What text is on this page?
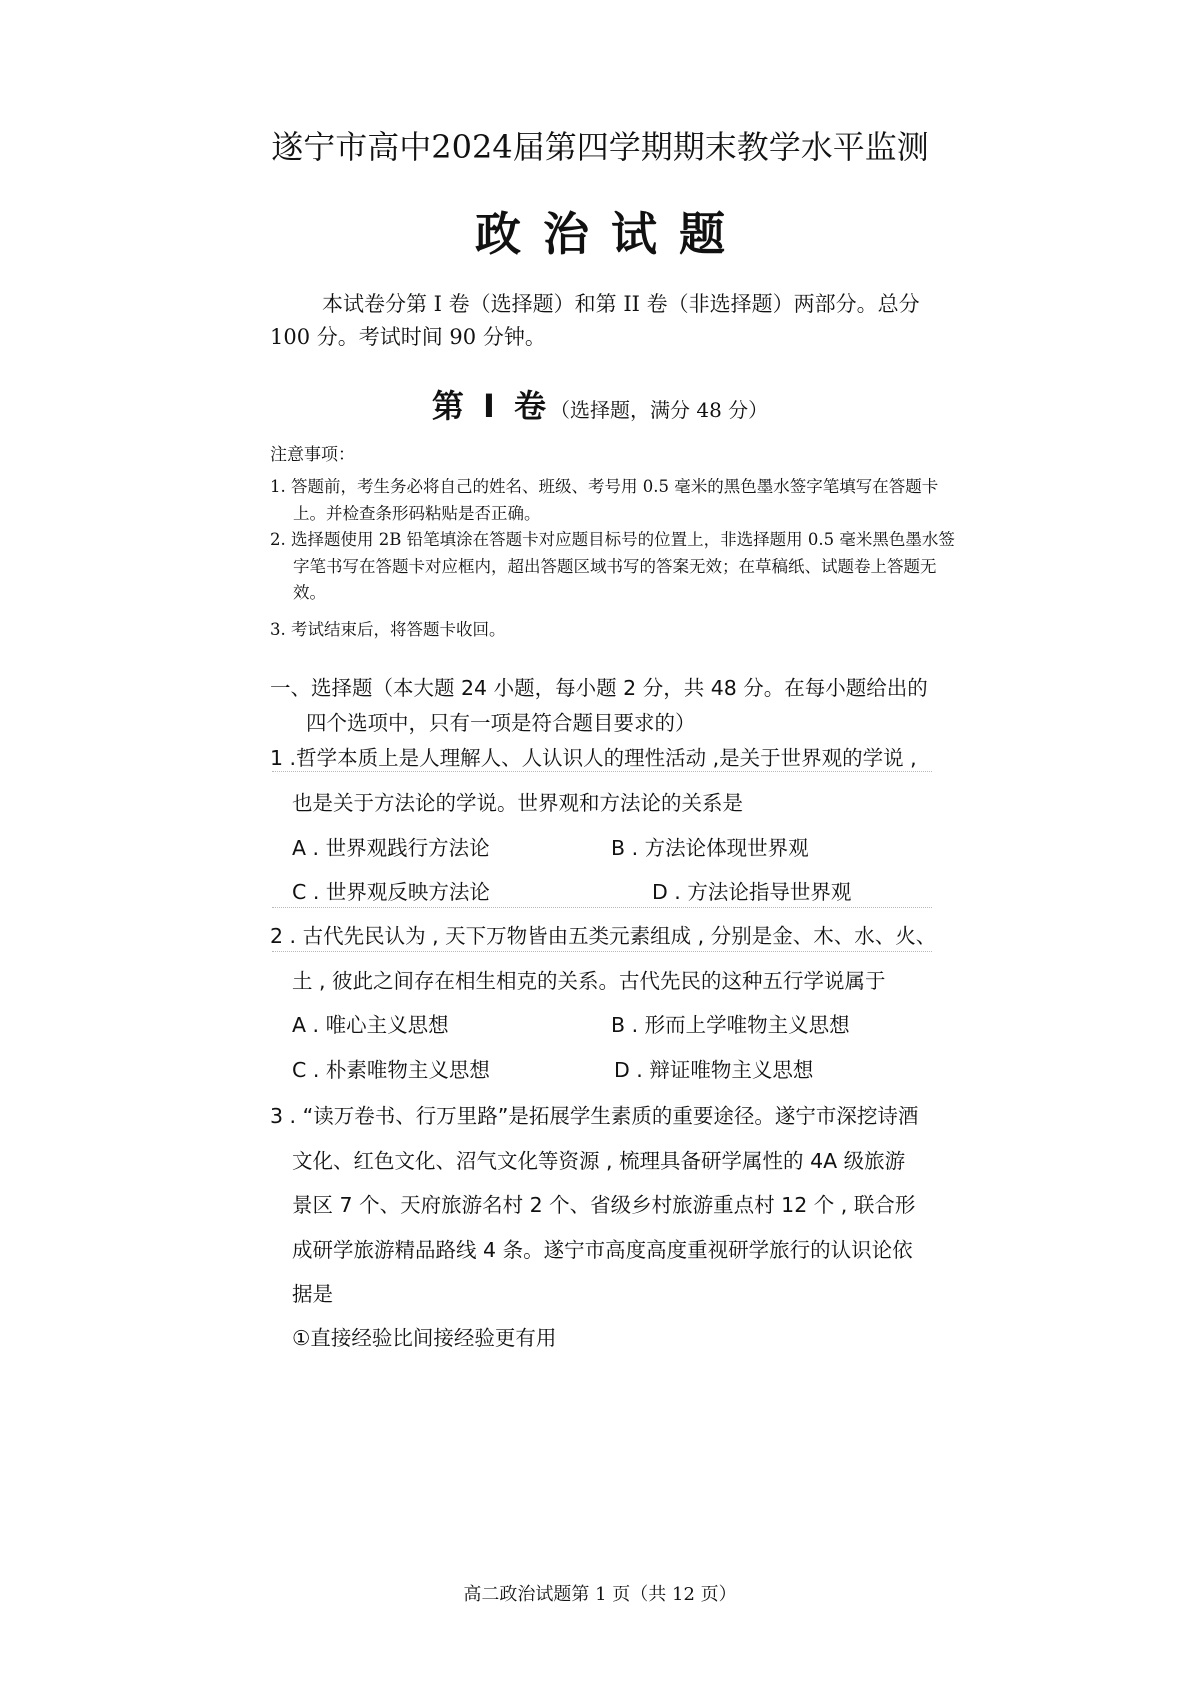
遂宁市高中2024届第四学期期末教学水平监测
政治试题
本试卷分第 I 卷（选择题）和第 II 卷（非选择题）两部分。总分 100 分。考试时间 90 分钟。
第 Ⅰ 卷（选择题，满分 48 分）
注意事项：
1. 答题前，考生务必将自己的姓名、班级、考号用 0.5 毫米的黑色墨水签字笔填写在答题卡上。并检查条形码粘贴是否正确。
2. 选择题使用 2B 铅笔填涂在答题卡对应题目标号的位置上，非选择题用 0.5 毫米黑色墨水签字笔书写在答题卡对应框内，超出答题区域书写的答案无效；在草稿纸、试题卷上答题无效。
3. 考试结束后，将答题卡收回。
一、选择题（本大题 24 小题，每小题 2 分，共 48 分。在每小题给出的
四个选项中，只有一项是符合题目要求的）
1 .哲学本质上是人理解人、人认识人的理性活动 ,是关于世界观的学说 ,
也是关于方法论的学说。世界观和方法论的关系是
A . 世界观践行方法论	B . 方法论体现世界观
C . 世界观反映方法论	D . 方法论指导世界观
2 . 古代先民认为 , 天下万物皆由五类元素组成 , 分别是金、木、水、火、
土 , 彼此之间存在相生相克的关系。古代先民的这种五行学说属于
A . 唯心主义思想	B . 形而上学唯物主义思想
C . 朴素唯物主义思想	D . 辩证唯物主义思想
3 . “读万卷书、行万里路”是拓展学生素质的重要途径。遂宁市深挖诗酒
文化、红色文化、沼气文化等资源 , 梳理具备研学属性的 4A 级旅游
景区 7 个、天府旅游名村 2 个、省级乡村旅游重点村 12 个 , 联合形
成研学旅游精品路线 4 条。遂宁市高度高度重视研学旅行的认识论依
据是
①直接经验比间接经验更有用
高二政治试题第 1 页（共 12 页）
